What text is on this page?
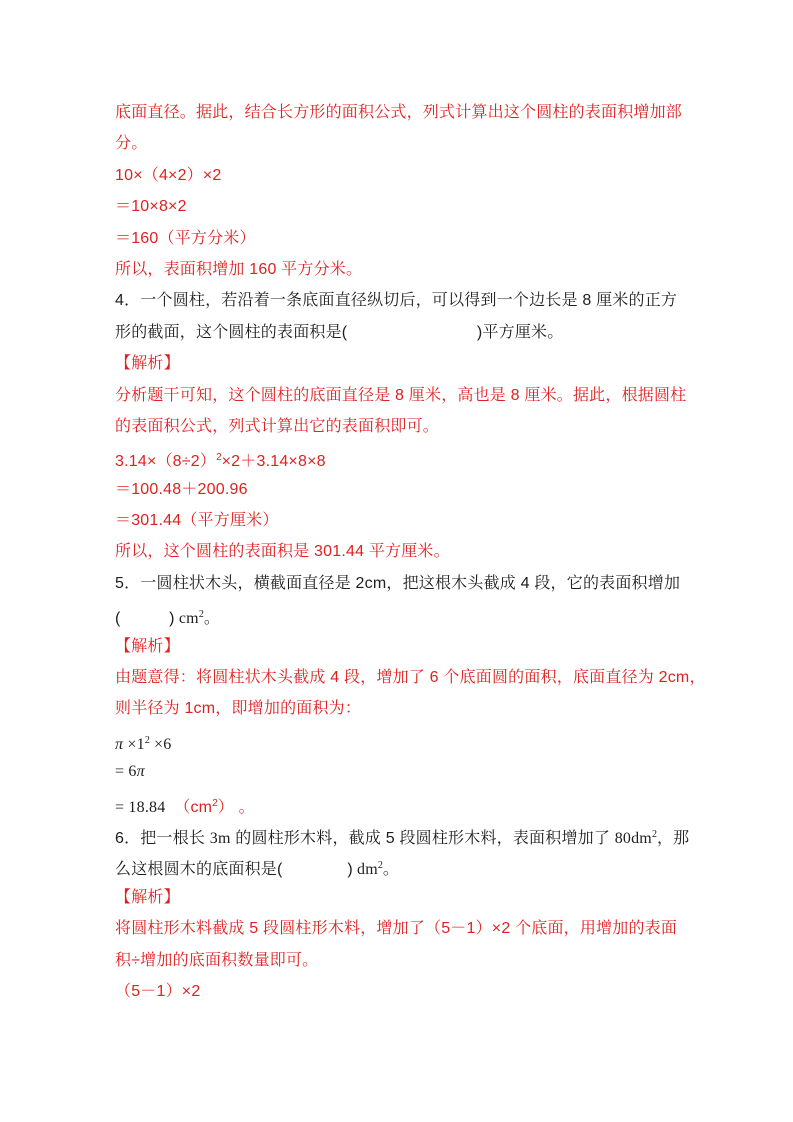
底面直径。据此，结合长方形的面积公式，列式计算出这个圆柱的表面积增加部
分。
10×（4×2）×2
＝10×8×2
＝160（平方分米）
所以，表面积增加 160 平方分米。
4．一个圆柱，若沿着一条底面直径纵切后，可以得到一个边长是 8 厘米的正方
形的截面，这个圆柱的表面积是(　　　　　　　　)平方厘米。
【解析】
分析题干可知，这个圆柱的底面直径是 8 厘米，高也是 8 厘米。据此，根据圆柱
的表面积公式，列式计算出它的表面积即可。
$3.14\times(8\div 2)^2\times 2+3.14\times 8\times 8$
＝100.48＋200.96
＝301.44（平方厘米）
所以，这个圆柱的表面积是 301.44 平方厘米。
5．一圆柱状木头，横截面直径是 2cm，把这根木头截成 4 段，它的表面积增加
(　　　) $cm^2$。
【解析】
由题意得：将圆柱状木头截成 4 段，增加了 6 个底面圆的面积，底面直径为 2cm，
则半径为 1cm，即增加的面积为：
$\pi \times 1^2 \times 6$
= 6π
= 18.84  $(cm^2)$ 。
6．把一根长 3m 的圆柱形木料，截成 5 段圆柱形木料，表面积增加了 $80dm^2$，那
么这根圆木的底面积是(　　　　) $dm^2$。
【解析】
将圆柱形木料截成 5 段圆柱形木料，增加了（5－1）×2 个底面，用增加的表面
积÷增加的底面积数量即可。
（5－1）×2
